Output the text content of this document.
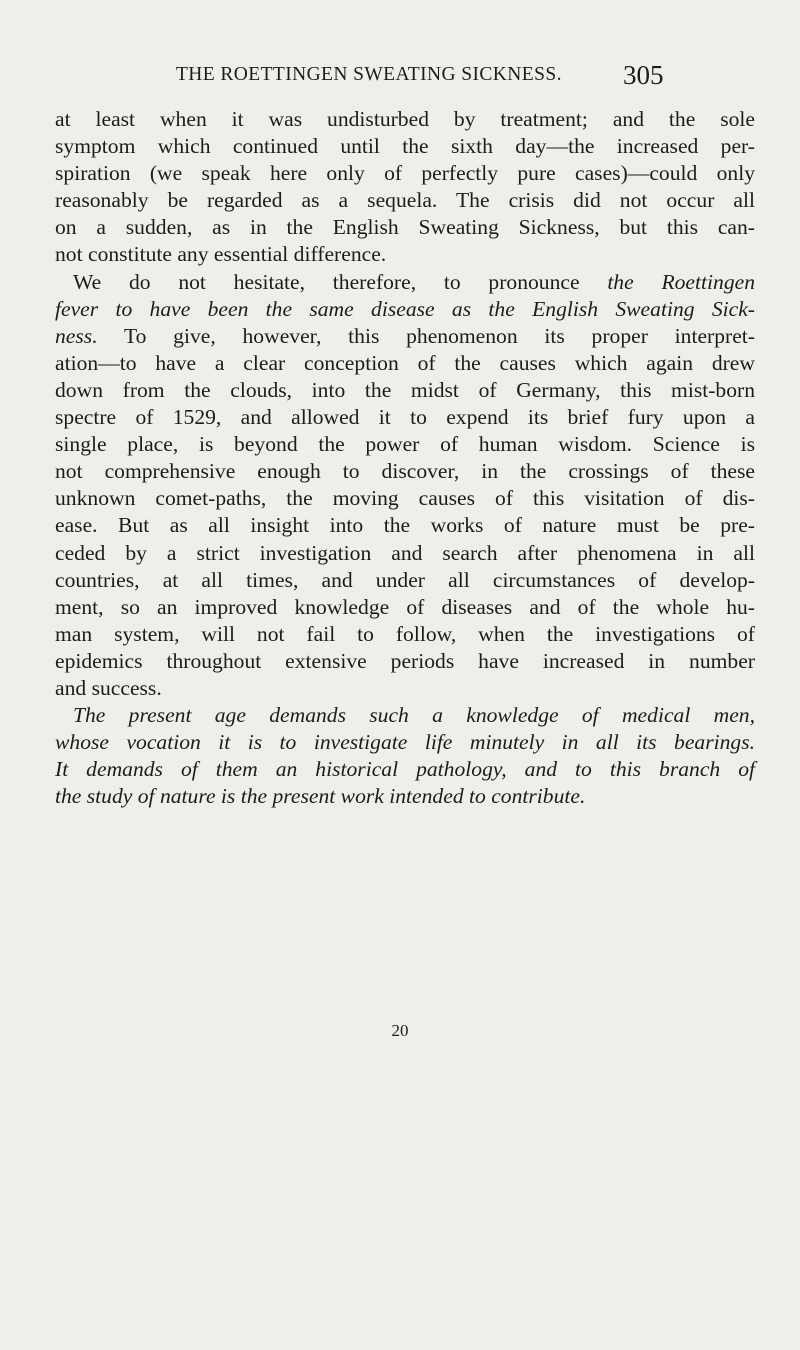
THE ROETTINGEN SWEATING SICKNESS. 305
at least when it was undisturbed by treatment; and the sole
symptom which continued until the sixth day—the increased per-
spiration (we speak here only of perfectly pure cases)—could only
reasonably be regarded as a sequela. The crisis did not occur all
on a sudden, as in the English Sweating Sickness, but this can-
not constitute any essential difference.
We do not hesitate, therefore, to pronounce the Roettingen
fever to have been the same disease as the English Sweating Sick-
ness. To give, however, this phenomenon its proper interpret-
ation—to have a clear conception of the causes which again drew
down from the clouds, into the midst of Germany, this mist-born
spectre of 1529, and allowed it to expend its brief fury upon a
single place, is beyond the power of human wisdom. Science is
not comprehensive enough to discover, in the crossings of these
unknown comet-paths, the moving causes of this visitation of dis-
ease. But as all insight into the works of nature must be pre-
ceded by a strict investigation and search after phenomena in all
countries, at all times, and under all circumstances of develop-
ment, so an improved knowledge of diseases and of the whole hu-
man system, will not fail to follow, when the investigations of
epidemics throughout extensive periods have increased in number
and success.
The present age demands such a knowledge of medical men,
whose vocation it is to investigate life minutely in all its bearings.
It demands of them an historical pathology, and to this branch of
the study of nature is the present work intended to contribute.
20
